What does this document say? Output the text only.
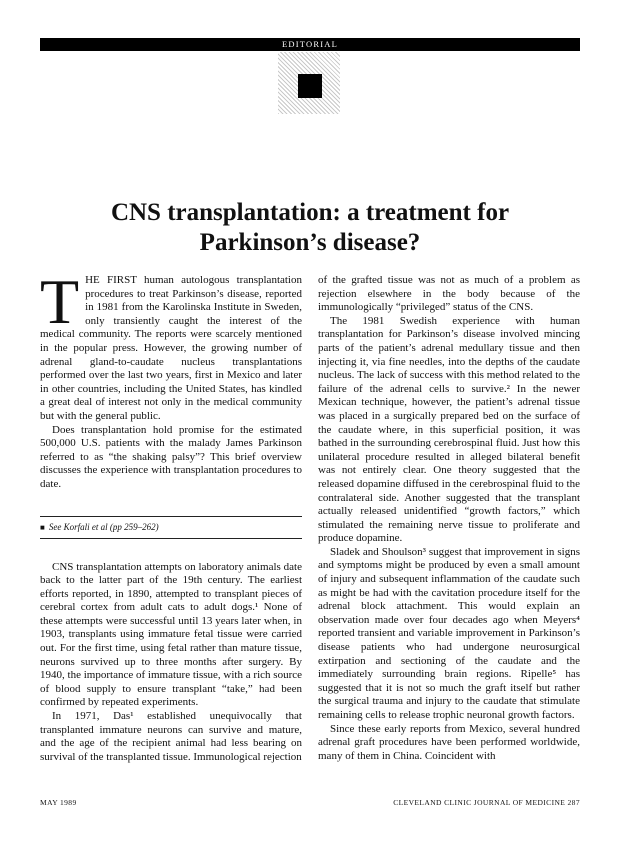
EDITORIAL
CNS transplantation: a treatment for
Parkinson’s disease?

THE FIRST human autologous transplantation procedures to treat Parkinson’s disease, reported in 1981 from the Karolinska Institute in Sweden, only transiently caught the interest of the medical community. The reports were scarcely mentioned in the popular press. However, the growing number of adrenal gland-to-caudate nucleus transplantations performed over the last two years, first in Mexico and later in other countries, including the United States, has kindled a great deal of interest not only in the medical community but with the general public.

Does transplantation hold promise for the estimated 500,000 U.S. patients with the malady James Parkinson referred to as “the shaking palsy”? This brief overview discusses the experience with transplantation procedures to date.

■ See Korfali et al (pp 259–262)

CNS transplantation attempts on laboratory animals date back to the latter part of the 19th century. The earliest efforts reported, in 1890, attempted to transplant pieces of cerebral cortex from adult cats to adult dogs.¹ None of these attempts were successful until 13 years later when, in 1903, transplants using immature fetal tissue were carried out. For the first time, using fetal rather than mature tissue, neurons survived up to three months after surgery. By 1940, the importance of immature tissue, with a rich source of blood supply to ensure transplant “take,” had been confirmed by repeated experiments.

In 1971, Das¹ established unequivocally that transplanted immature neurons can survive and mature, and the age of the recipient animal had less bearing on survival of the transplanted tissue. Immunological rejection

of the grafted tissue was not as much of a problem as rejection elsewhere in the body because of the immunologically “privileged” status of the CNS.

The 1981 Swedish experience with human transplantation for Parkinson’s disease involved mincing parts of the patient’s adrenal medullary tissue and then injecting it, via fine needles, into the depths of the caudate nucleus. The lack of success with this method related to the failure of the adrenal cells to survive.² In the newer Mexican technique, however, the patient’s adrenal tissue was placed in a surgically prepared bed on the surface of the caudate where, in this superficial position, it was bathed in the surrounding cerebrospinal fluid. Just how this unilateral procedure resulted in alleged bilateral benefit was not entirely clear. One theory suggested that the released dopamine diffused in the cerebrospinal fluid to the contralateral side. Another suggested that the transplant actually released unidentified “growth factors,” which stimulated the remaining nerve tissue to proliferate and produce dopamine.

Sladek and Shoulson³ suggest that improvement in signs and symptoms might be produced by even a small amount of injury and subsequent inflammation of the caudate such as might be had with the cavitation procedure itself for the adrenal block attachment. This would explain an observation made over four decades ago when Meyers⁴ reported transient and variable improvement in Parkinson’s disease patients who had undergone neurosurgical extirpation and sectioning of the caudate and the immediately surrounding brain regions. Ripelle⁵ has suggested that it is not so much the graft itself but rather the surgical trauma and injury to the caudate that stimulate remaining cells to release trophic neuronal growth factors.

Since these early reports from Mexico, several hundred adrenal graft procedures have been performed worldwide, many of them in China. Coincident with

MAY 1989	CLEVELAND CLINIC JOURNAL OF MEDICINE 287
